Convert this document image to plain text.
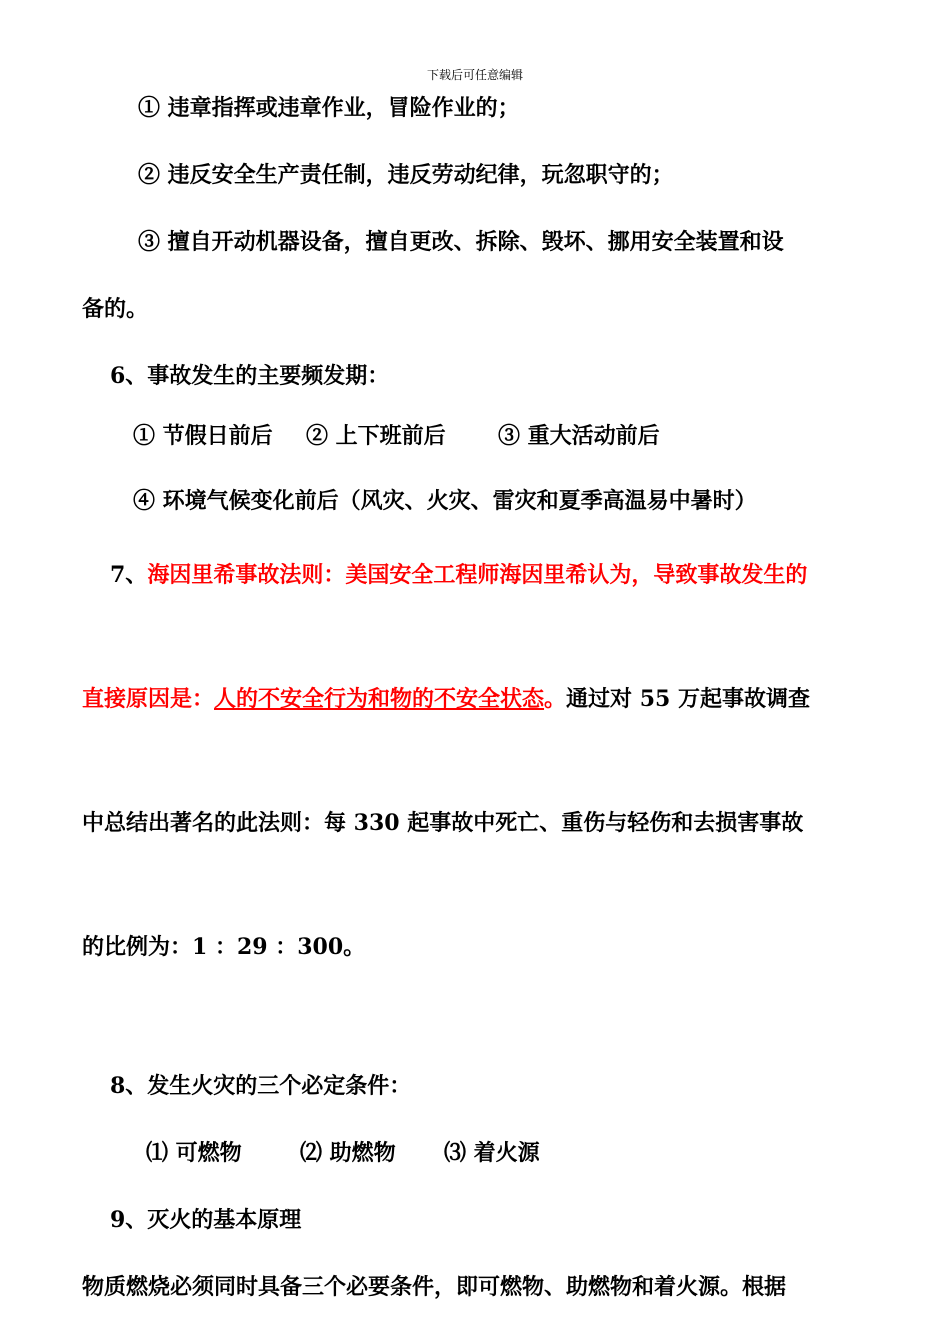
下载后可任意编辑
① 违章指挥或违章作业，冒险作业的；
② 违反安全生产责任制，违反劳动纪律，玩忽职守的；
③ 擅自开动机器设备，擅自更改、拆除、毁坏、挪用安全装置和设
备的。
6、事故发生的主要频发期：
① 节假日前后 ② 上下班前后 ③ 重大活动前后
④ 环境气候变化前后（风灾、火灾、雷灾和夏季高温易中暑时）
7、海因里希事故法则：美国安全工程师海因里希认为，导致事故发生的
直接原因是：人的不安全行为和物的不安全状态。通过对 55 万起事故调查
中总结出著名的此法则：每 330 起事故中死亡、重伤与轻伤和去损害事故
的比例为：1 ：29 ：300。
8、发生火灾的三个必定条件：
⑴ 可燃物	⑵ 助燃物 ⑶ 着火源
9、灭火的基本原理
物质燃烧必须同时具备三个必要条件，即可燃物、助燃物和着火源。根据
